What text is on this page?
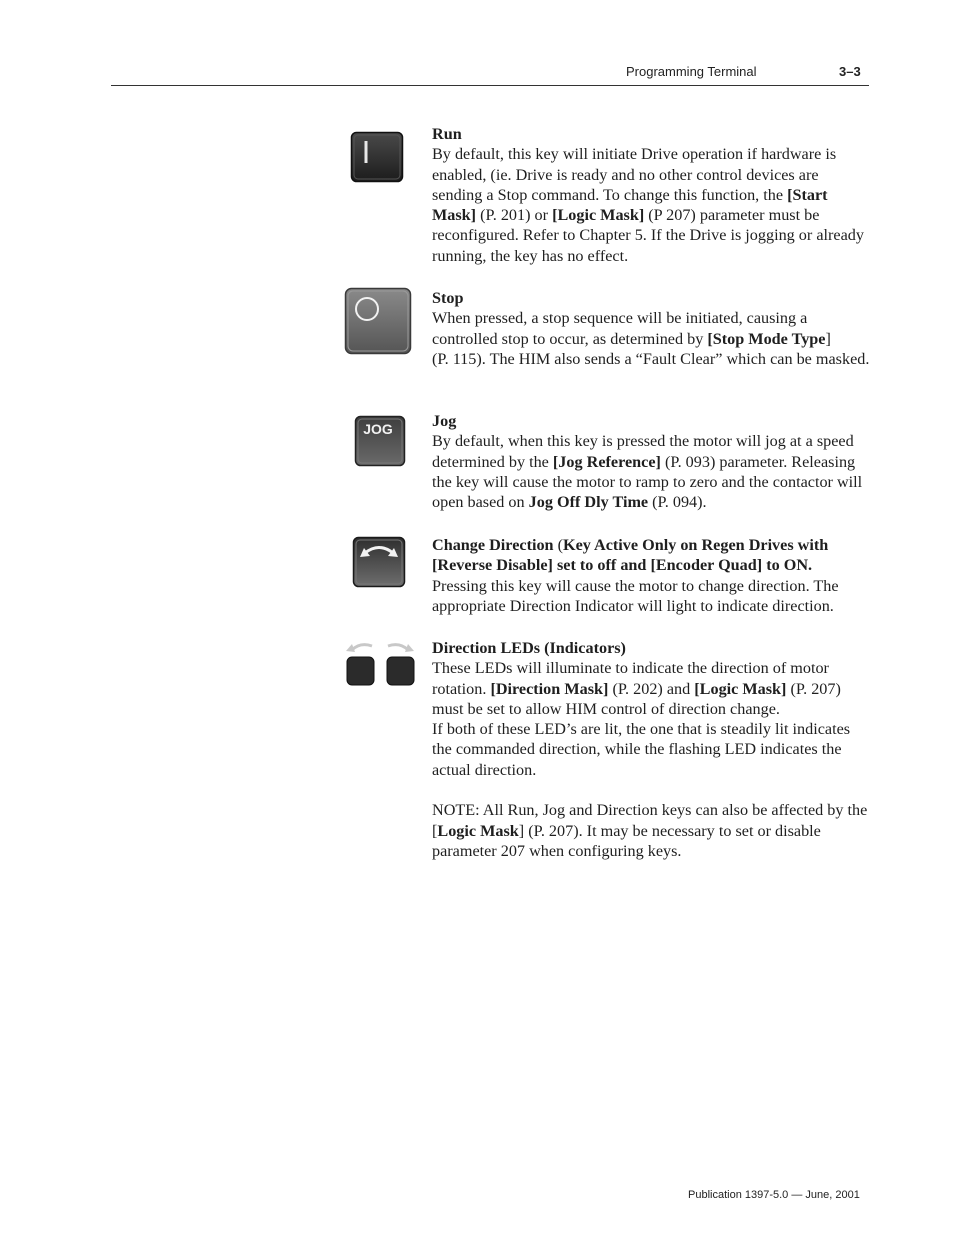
Programming Terminal	3–3
JOG

Run

By default, this key will initiate Drive operation if hardware is enabled, (ie. Drive is ready and no other control devices are sending a Stop command. To change this function, the [Start Mask] (P. 201) or [Logic Mask] (P 207) parameter must be reconfigured. Refer to Chapter 5. If the Drive is jogging or already running, the key has no effect.

Stop

When pressed, a stop sequence will be initiated, causing a controlled stop to occur, as determined by [Stop Mode Type]
(P. 115). The HIM also sends a “Fault Clear” which can be masked.

Jog

By default, when this key is pressed the motor will jog at a speed determined by the [Jog Reference] (P. 093) parameter. Releasing the key will cause the motor to ramp to zero and the contactor will open based on Jog Off Dly Time (P. 094).

Change Direction (Key Active Only on Regen Drives with [Reverse Disable] set to off and [Encoder Quad] to ON.

Pressing this key will cause the motor to change direction. The appropriate Direction Indicator will light to indicate direction.

Direction LEDs (Indicators)

These LEDs will illuminate to indicate the direction of motor rotation. [Direction Mask] (P. 202) and [Logic Mask] (P. 207) must be set to allow HIM control of direction change.

If both of these LED’s are lit, the one that is steadily lit indicates the commanded direction, while the flashing LED indicates the actual direction.

NOTE: All Run, Jog and Direction keys can also be affected by the [Logic Mask] (P. 207). It may be necessary to set or disable parameter 207 when configuring keys.

Publication 1397-5.0 — June, 2001
